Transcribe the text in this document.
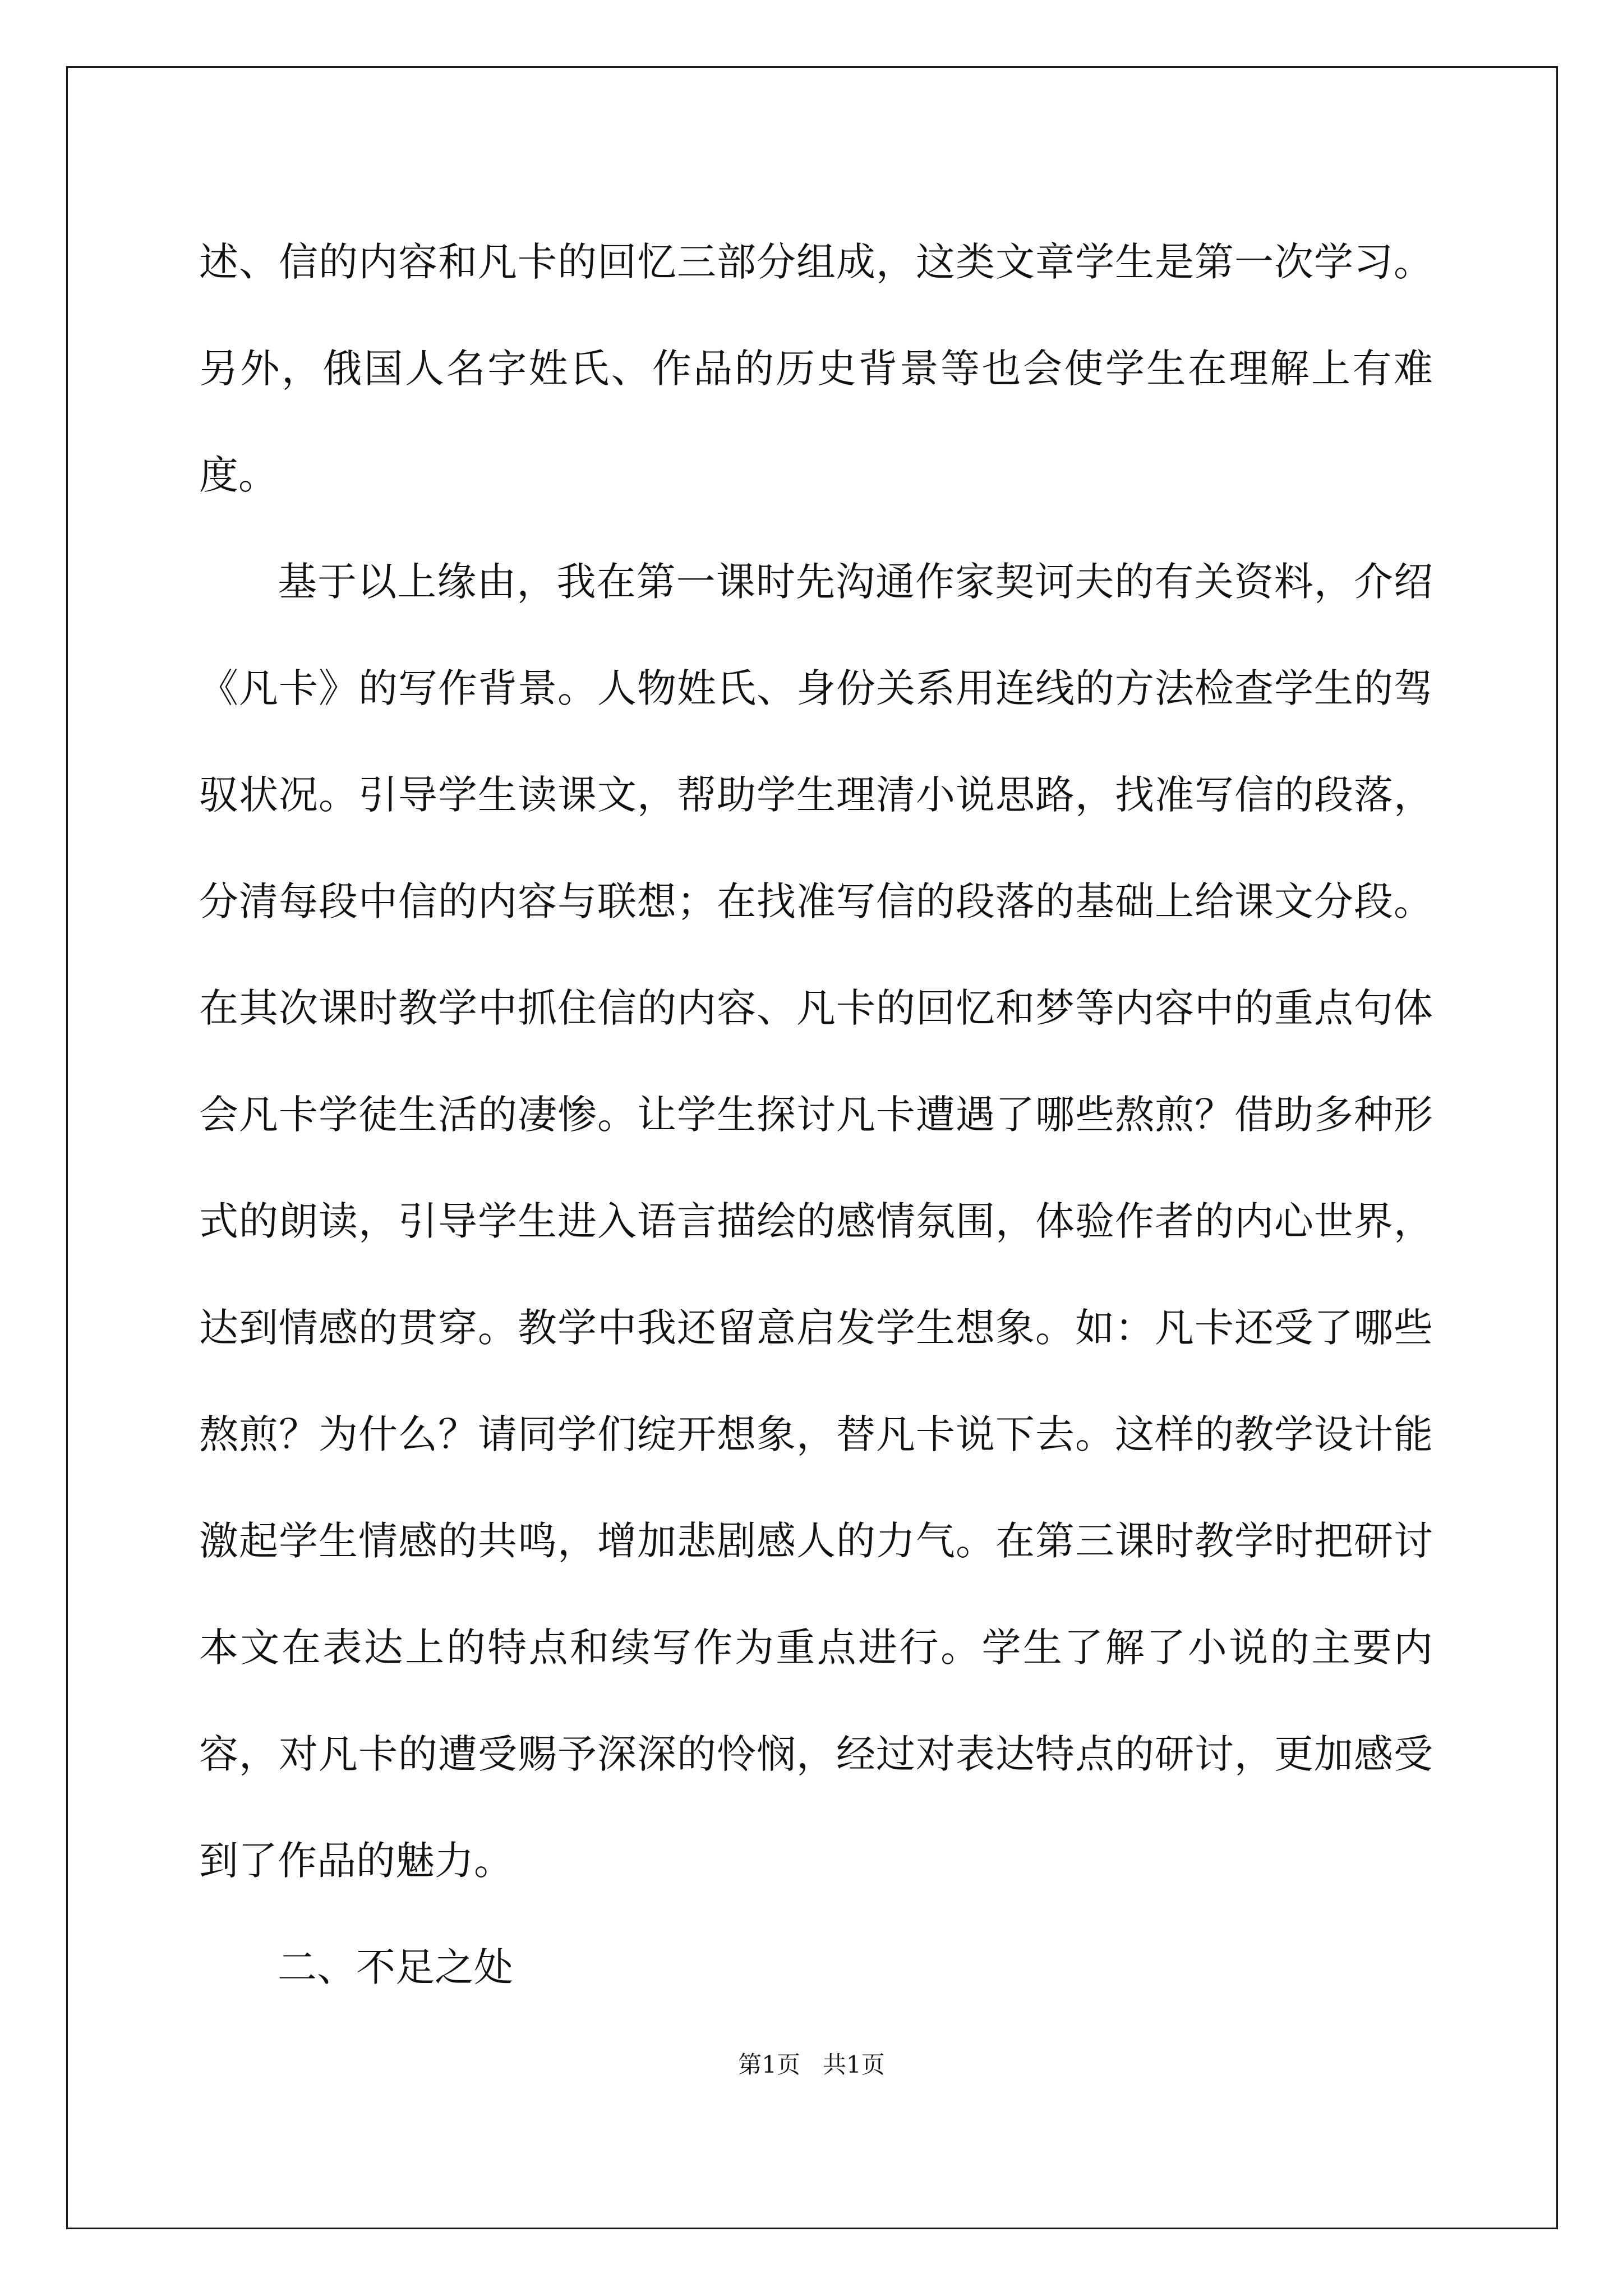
述、信的内容和凡卡的回忆三部分组成，这类文章学生是第一次学习。另外，俄国人名字姓氏、作品的历史背景等也会使学生在理解上有难度。

基于以上缘由，我在第一课时先沟通作家契诃夫的有关资料，介绍《凡卡》的写作背景。人物姓氏、身份关系用连线的方法检查学生的驾驭状况。引导学生读课文，帮助学生理清小说思路，找准写信的段落，分清每段中信的内容与联想；在找准写信的段落的基础上给课文分段。在其次课时教学中抓住信的内容、凡卡的回忆和梦等内容中的重点句体会凡卡学徒生活的凄惨。让学生探讨凡卡遭遇了哪些熬煎？借助多种形式的朗读，引导学生进入语言描绘的感情氛围，体验作者的内心世界，达到情感的贯穿。教学中我还留意启发学生想象。如：凡卡还受了哪些熬煎？为什么？请同学们绽开想象，替凡卡说下去。这样的教学设计能激起学生情感的共鸣，增加悲剧感人的力气。在第三课时教学时把研讨本文在表达上的特点和续写作为重点进行。学生了解了小说的主要内容，对凡卡的遭受赐予深深的怜悯，经过对表达特点的研讨，更加感受到了作品的魅力。

二、不足之处

第1页   共1页
